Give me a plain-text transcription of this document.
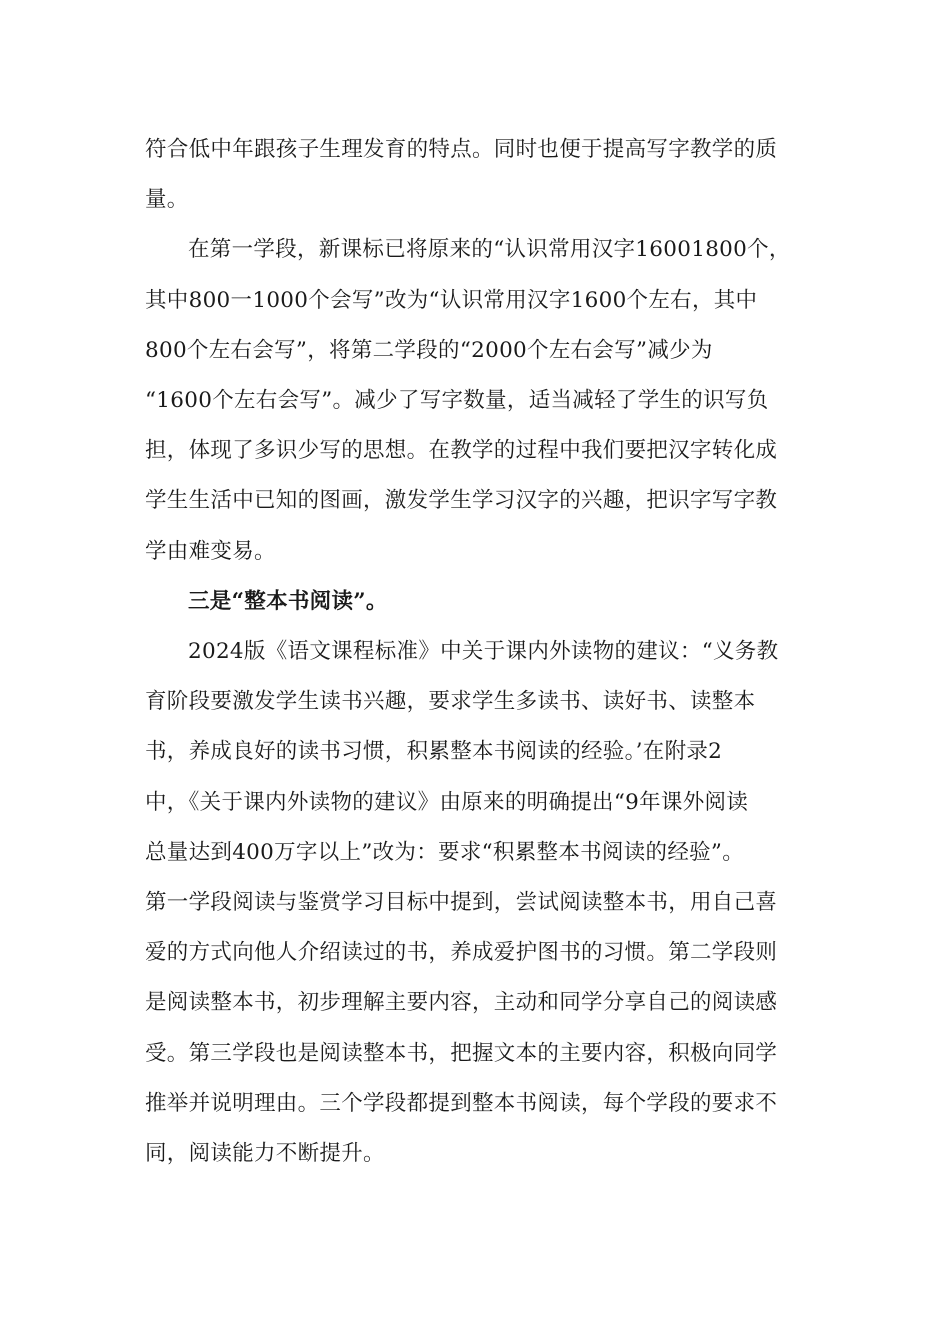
符合低中年跟孩子生理发育的特点。同时也便于提高写字教学的质
量。
在第一学段，新课标已将原来的“认识常用汉字16001800个，
其中800一1000个会写”改为“认识常用汉字1600个左右，其中
800个左右会写”，将第二学段的“2000个左右会写”减少为
“1600个左右会写”。减少了写字数量，适当减轻了学生的识写负
担，体现了多识少写的思想。在教学的过程中我们要把汉字转化成
学生生活中已知的图画，激发学生学习汉字的兴趣，把识字写字教
学由难变易。
三是“整本书阅读”。
2024版《语文课程标准》中关于课内外读物的建议：“义务教
育阶段要激发学生读书兴趣，要求学生多读书、读好书、读整本
书，养成良好的读书习惯，积累整本书阅读的经验。’在附录2
中，《关于课内外读物的建议》由原来的明确提出“9年课外阅读
总量达到400万字以上”改为：要求“积累整本书阅读的经验”。
第一学段阅读与鉴赏学习目标中提到，尝试阅读整本书，用自己喜
爱的方式向他人介绍读过的书，养成爱护图书的习惯。第二学段则
是阅读整本书，初步理解主要内容，主动和同学分享自己的阅读感
受。第三学段也是阅读整本书，把握文本的主要内容，积极向同学
推举并说明理由。三个学段都提到整本书阅读，每个学段的要求不
同，阅读能力不断提升。
